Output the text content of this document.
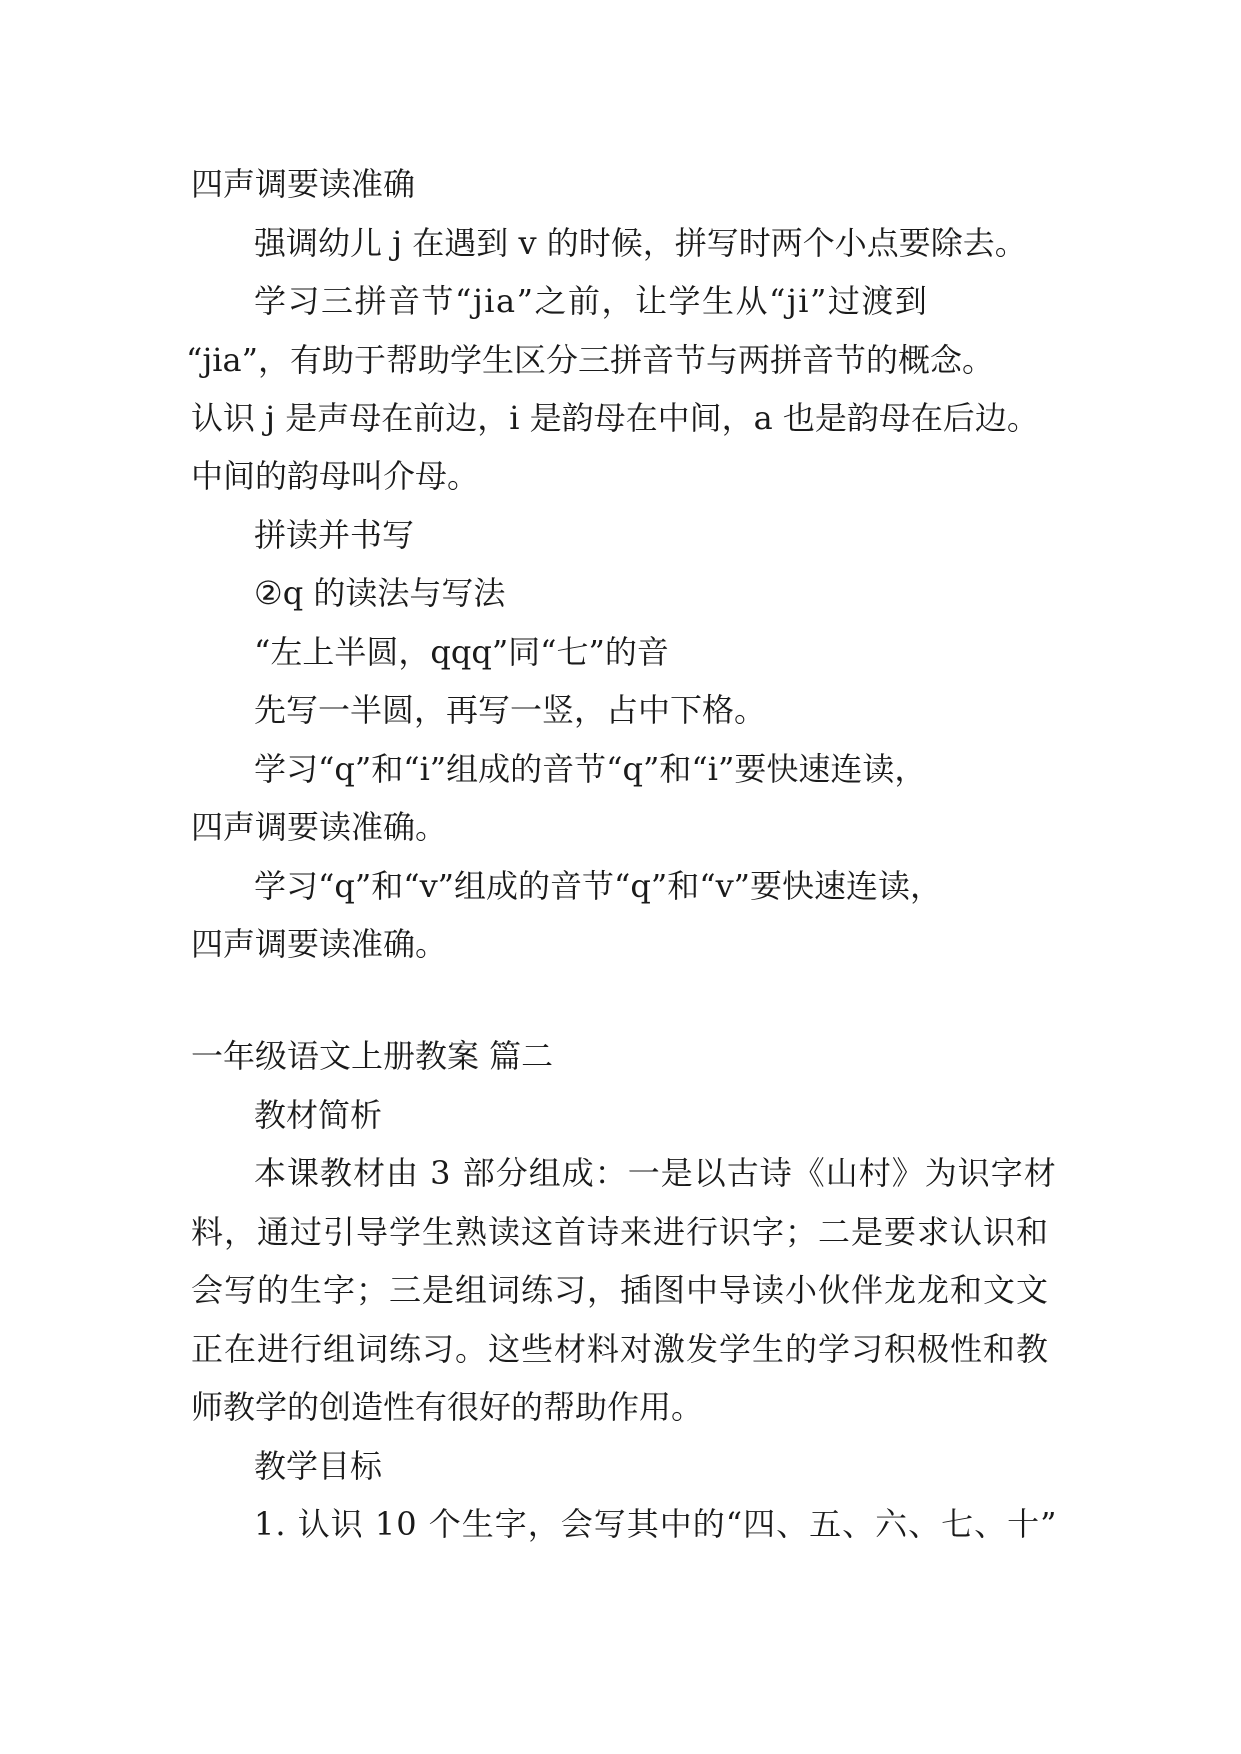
四声调要读准确
强调幼儿 j 在遇到 v 的时候，拼写时两个小点要除去。
学习三拼音节“jia”之前，让学生从“ji”过渡到
“jia”，有助于帮助学生区分三拼音节与两拼音节的概念。
认识 j 是声母在前边，i 是韵母在中间，a 也是韵母在后边。
中间的韵母叫介母。
拼读并书写
②q 的读法与写法
“左上半圆，qqq”同“七”的音
先写一半圆，再写一竖，占中下格。
学习“q”和“i”组成的音节“q”和“i”要快速连读，
四声调要读准确。
学习“q”和“v”组成的音节“q”和“v”要快速连读，
四声调要读准确。
一年级语文上册教案 篇二
教材简析
本课教材由 3 部分组成：一是以古诗《山村》为识字材
料，通过引导学生熟读这首诗来进行识字；二是要求认识和
会写的生字；三是组词练习，插图中导读小伙伴龙龙和文文
正在进行组词练习。这些材料对激发学生的学习积极性和教
师教学的创造性有很好的帮助作用。
教学目标
1. 认识 10 个生字，会写其中的“四、五、六、七、十”
